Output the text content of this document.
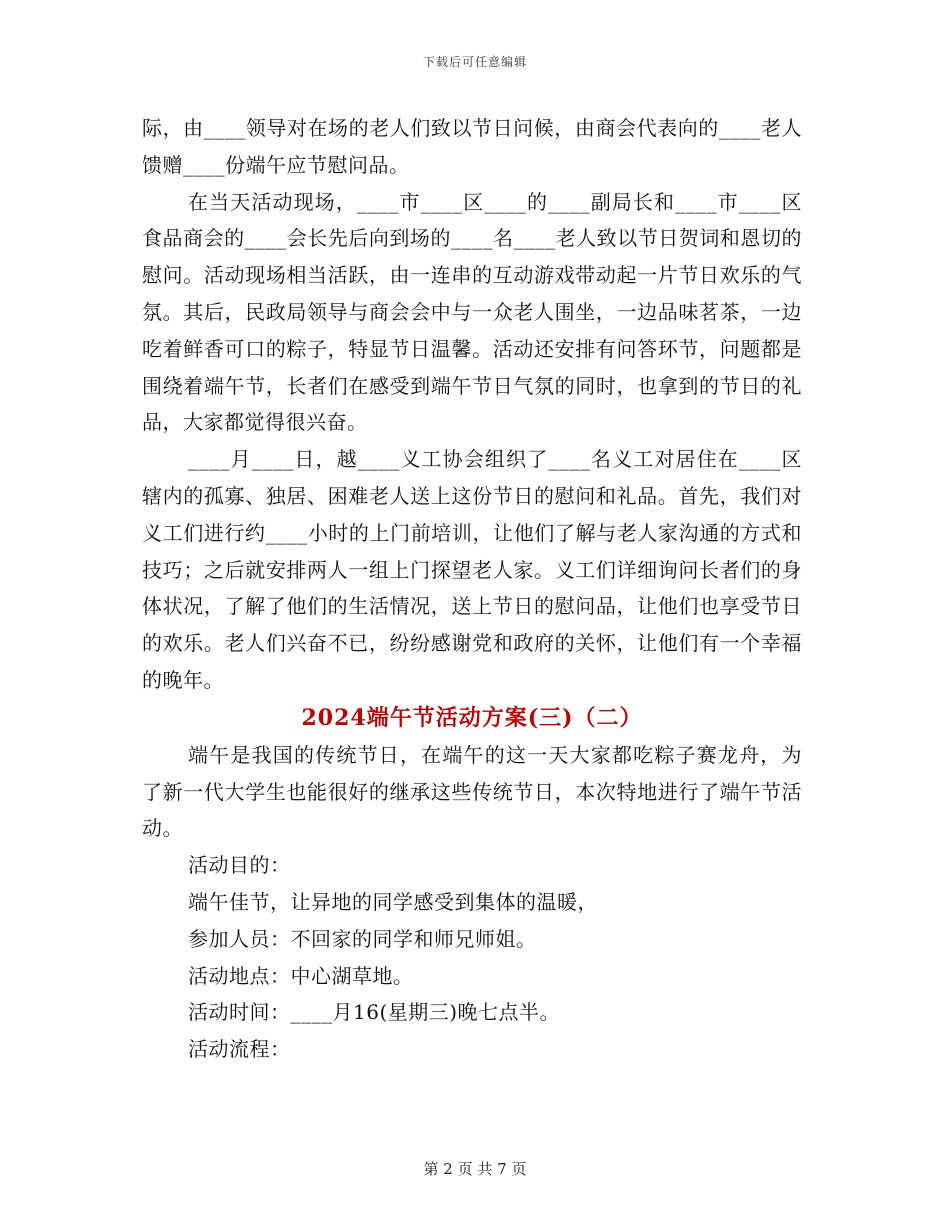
下载后可任意编辑

际，由____领导对在场的老人们致以节日问候，由商会代表向的____老人馈赠____份端午应节慰问品。

在当天活动现场，____市____区____的____副局长和____市____区食品商会的____会长先后向到场的____名____老人致以节日贺词和恩切的慰问。活动现场相当活跃，由一连串的互动游戏带动起一片节日欢乐的气氛。其后，民政局领导与商会会中与一众老人围坐，一边品味茗茶，一边吃着鲜香可口的粽子，特显节日温馨。活动还安排有问答环节，问题都是围绕着端午节，长者们在感受到端午节日气氛的同时，也拿到的节日的礼品，大家都觉得很兴奋。

____月____日，越____义工协会组织了____名义工对居住在____区辖内的孤寡、独居、困难老人送上这份节日的慰问和礼品。首先，我们对义工们进行约____小时的上门前培训，让他们了解与老人家沟通的方式和技巧；之后就安排两人一组上门探望老人家。义工们详细询问长者们的身体状况，了解了他们的生活情况，送上节日的慰问品，让他们也享受节日的欢乐。老人们兴奋不已，纷纷感谢党和政府的关怀，让他们有一个幸福的晚年。

2024端午节活动方案(三)（二）

端午是我国的传统节日，在端午的这一天大家都吃粽子赛龙舟，为了新一代大学生也能很好的继承这些传统节日，本次特地进行了端午节活动。

活动目的：

端午佳节，让异地的同学感受到集体的温暖，

参加人员：不回家的同学和师兄师姐。

活动地点：中心湖草地。

活动时间：____月16(星期三)晚七点半。

活动流程：

第 2 页 共 7 页
